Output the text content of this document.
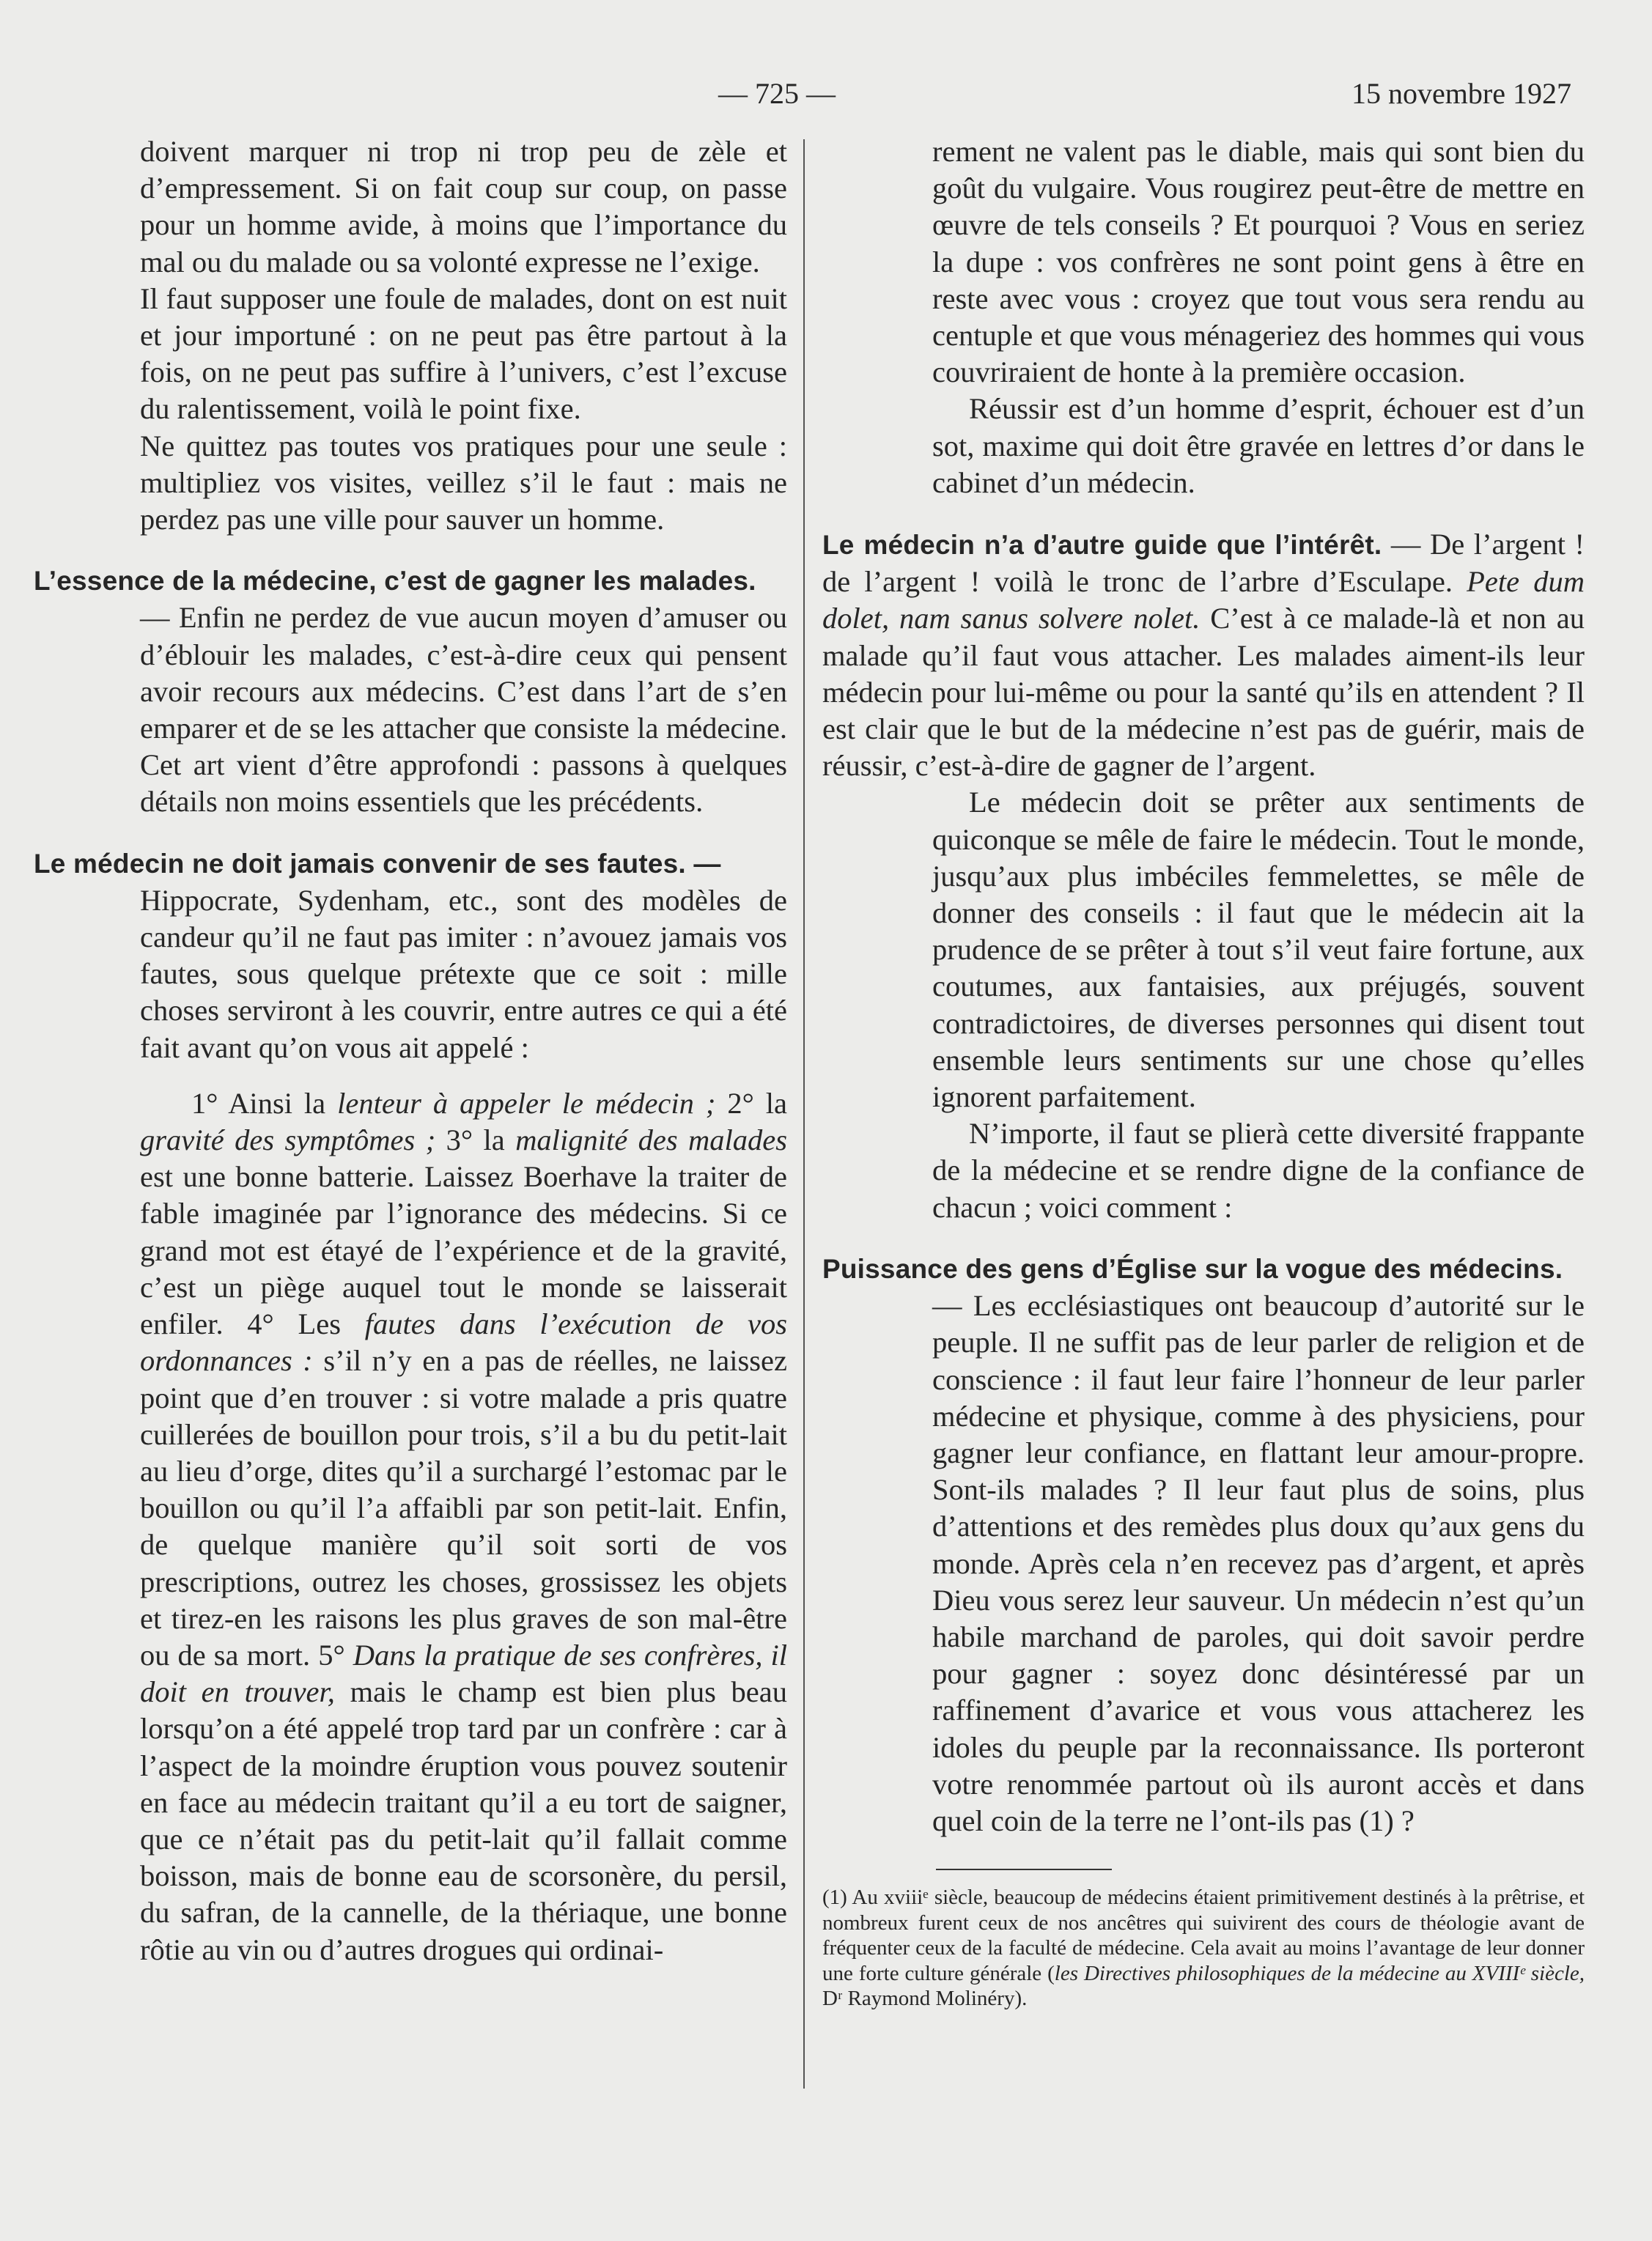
— 725 —	15 novembre 1927

doivent marquer ni trop ni trop peu de zèle et d’empressement. Si on fait coup sur coup, on passe pour un homme avide, à moins que l’importance du mal ou du malade ou sa volonté expresse ne l’exige.

Il faut supposer une foule de malades, dont on est nuit et jour importuné : on ne peut pas être partout à la fois, on ne peut pas suffire à l’univers, c’est l’excuse du ralentissement, voilà le point fixe.

Ne quittez pas toutes vos pratiques pour une seule : multipliez vos visites, veillez s’il le faut : mais ne perdez pas une ville pour sauver un homme.

L’essence de la médecine, c’est de gagner les malades.

— Enfin ne perdez de vue aucun moyen d’amuser ou d’éblouir les malades, c’est-à-dire ceux qui pensent avoir recours aux médecins. C’est dans l’art de s’en emparer et de se les attacher que consiste la médecine. Cet art vient d’être approfondi : passons à quelques détails non moins essentiels que les précédents.

Le médecin ne doit jamais convenir de ses fautes. —

Hippocrate, Sydenham, etc., sont des modèles de candeur qu’il ne faut pas imiter : n’avouez jamais vos fautes, sous quelque prétexte que ce soit : mille choses serviront à les couvrir, entre autres ce qui a été fait avant qu’on vous ait appelé :

1° Ainsi la lenteur à appeler le médecin ; 2° la gravité des symptômes ; 3° la malignité des malades est une bonne batterie. Laissez Boerhave la traiter de fable imaginée par l’ignorance des médecins. Si ce grand mot est étayé de l’expérience et de la gravité, c’est un piège auquel tout le monde se laisserait enfiler. 4° Les fautes dans l’exécution de vos ordonnances : s’il n’y en a pas de réelles, ne laissez point que d’en trouver : si votre malade a pris quatre cuillerées de bouillon pour trois, s’il a bu du petit-lait au lieu d’orge, dites qu’il a surchargé l’estomac par le bouillon ou qu’il l’a affaibli par son petit-lait. Enfin, de quelque manière qu’il soit sorti de vos prescriptions, outrez les choses, grossissez les objets et tirez-en les raisons les plus graves de son mal-être ou de sa mort. 5° Dans la pratique de ses confrères, il doit en trouver, mais le champ est bien plus beau lorsqu’on a été appelé trop tard par un confrère : car à l’aspect de la moindre éruption vous pouvez soutenir en face au médecin traitant qu’il a eu tort de saigner, que ce n’était pas du petit-lait qu’il fallait comme boisson, mais de bonne eau de scorsonère, du persil, du safran, de la cannelle, de la thériaque, une bonne rôtie au vin ou d’autres drogues qui ordinai-

rement ne valent pas le diable, mais qui sont bien du goût du vulgaire. Vous rougirez peut-être de mettre en œuvre de tels conseils ? Et pourquoi ? Vous en seriez la dupe : vos confrères ne sont point gens à être en reste avec vous : croyez que tout vous sera rendu au centuple et que vous ménageriez des hommes qui vous couvriraient de honte à la première occasion.

Réussir est d’un homme d’esprit, échouer est d’un sot, maxime qui doit être gravée en lettres d’or dans le cabinet d’un médecin.

Le médecin n’a d’autre guide que l’intérêt. — De l’argent ! de l’argent ! voilà le tronc de l’arbre d’Esculape. Pete dum dolet, nam sanus solvere nolet. C’est à ce malade-là et non au malade qu’il faut vous attacher. Les malades aiment-ils leur médecin pour lui-même ou pour la santé qu’ils en attendent ? Il est clair que le but de la médecine n’est pas de guérir, mais de réussir, c’est-à-dire de gagner de l’argent.

Le médecin doit se prêter aux sentiments de quiconque se mêle de faire le médecin. Tout le monde, jusqu’aux plus imbéciles femmelettes, se mêle de donner des conseils : il faut que le médecin ait la prudence de se prêter à tout s’il veut faire fortune, aux coutumes, aux fantaisies, aux préjugés, souvent contradictoires, de diverses personnes qui disent tout ensemble leurs sentiments sur une chose qu’elles ignorent parfaitement.

N’importe, il faut se plierà cette diversité frappante de la médecine et se rendre digne de la confiance de chacun ; voici comment :

Puissance des gens d’Église sur la vogue des médecins.

— Les ecclésiastiques ont beaucoup d’autorité sur le peuple. Il ne suffit pas de leur parler de religion et de conscience : il faut leur faire l’honneur de leur parler médecine et physique, comme à des physiciens, pour gagner leur confiance, en flattant leur amour-propre. Sont-ils malades ? Il leur faut plus de soins, plus d’attentions et des remèdes plus doux qu’aux gens du monde. Après cela n’en recevez pas d’argent, et après Dieu vous serez leur sauveur. Un médecin n’est qu’un habile marchand de paroles, qui doit savoir perdre pour gagner : soyez donc désintéressé par un raffinement d’avarice et vous vous attacherez les idoles du peuple par la reconnaissance. Ils porteront votre renommée partout où ils auront accès et dans quel coin de la terre ne l’ont-ils pas (1) ?

(1) Au xviiiᵉ siècle, beaucoup de médecins étaient primitivement destinés à la prêtrise, et nombreux furent ceux de nos ancêtres qui suivirent des cours de théologie avant de fréquenter ceux de la faculté de médecine. Cela avait au moins l’avantage de leur donner une forte culture générale (les Directives philosophiques de la médecine au XVIIIᵉ siècle, Dʳ Raymond Molinéry).
